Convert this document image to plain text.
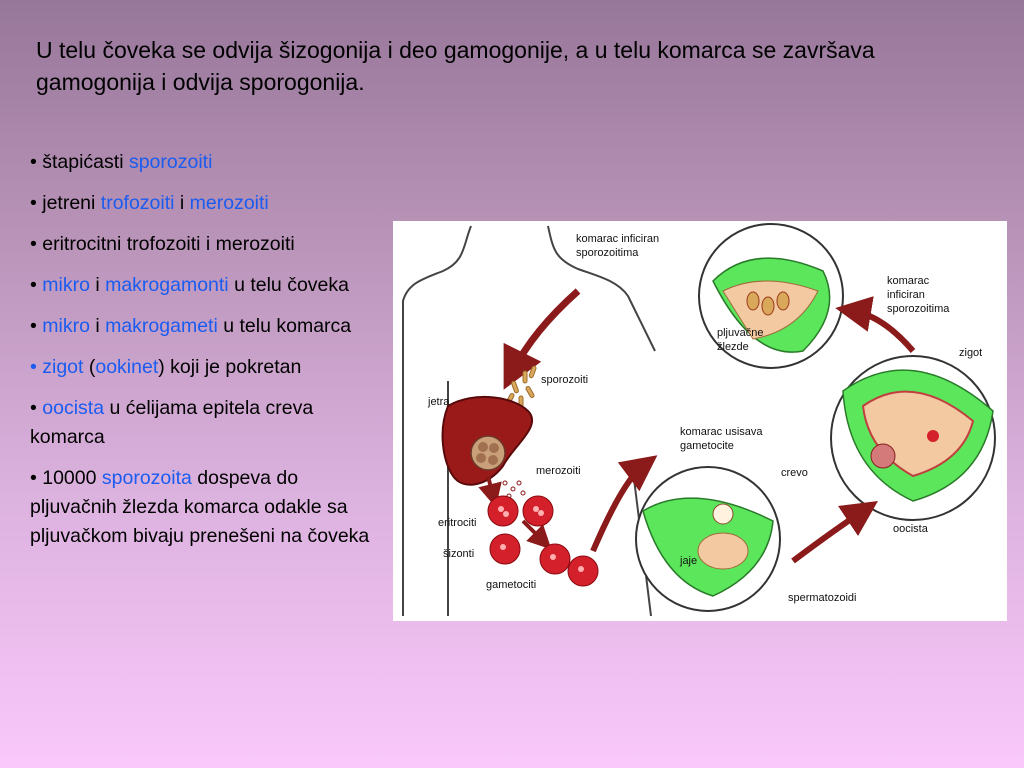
U telu čoveka se odvija šizogonija i deo gamogonije, a u telu komarca se završava gamogonija i odvija sporogonija.
• štapićasti sporozoiti
• jetreni trofozoiti i merozoiti
• eritrocitni trofozoiti i merozoiti
• mikro i makrogamonti u telu čoveka
• mikro i makrogameti u telu komarca
• zigot (ookinet) koji je pokretan
• oocista u ćelijama epitela creva komarca
• 10000 sporozoita dospeva do pljuvačnih žlezda komarca odakle sa pljuvačkom bivaju prenešeni na čoveka
komarac inficiran
sporozoitima
sporozoiti
jetra
merozoiti
eritrociti
šizonti
gametociti
komarac usisava
gametocite
crevo
jaje
spermatozoidi
oocista
zigot
pljuvačne
žlezde
komarac
inficiran
sporozoitima
